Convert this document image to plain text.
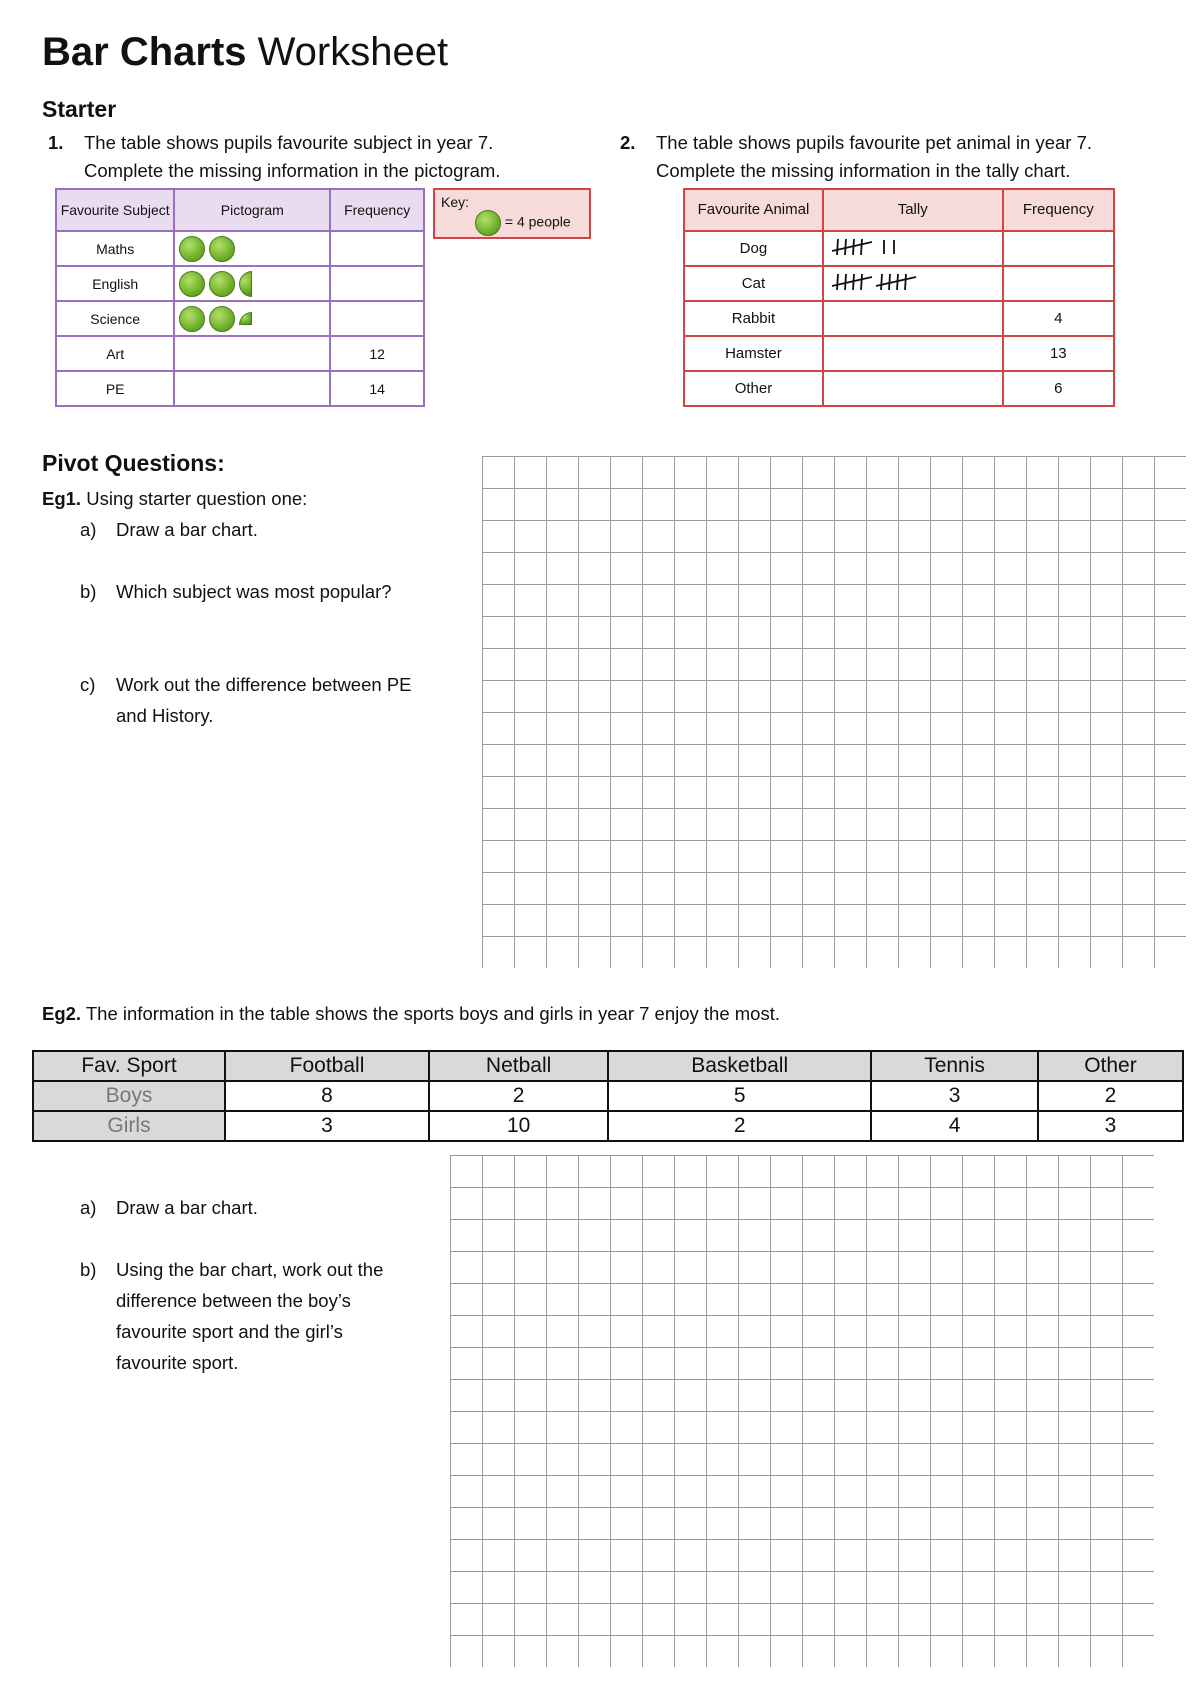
Bar Charts Worksheet
Starter
1. The table shows pupils favourite subject in year 7.
Complete the missing information in the pictogram.
2. The table shows pupils favourite pet animal in year 7.
Complete the missing information in the tally chart.
Favourite Subject	Pictogram	Frequency
Maths		
English		
Science		
Art		12
PE		14
Key:
= 4 people
Favourite Animal	Tally	Frequency
Dog		
Cat		
Rabbit		4
Hamster		13
Other		6
Pivot Questions:
Eg1. Using starter question one:
a) Draw a bar chart.
b) Which subject was most popular?
c) Work out the difference between PE
and History.
Eg2. The information in the table shows the sports boys and girls in year 7 enjoy the most.
Fav. Sport	Football	Netball	Basketball	Tennis	Other
Boys	8	2	5	3	2
Girls	3	10	2	4	3
a) Draw a bar chart.
b) Using the bar chart, work out the
difference between the boy’s
favourite sport and the girl’s
favourite sport.
